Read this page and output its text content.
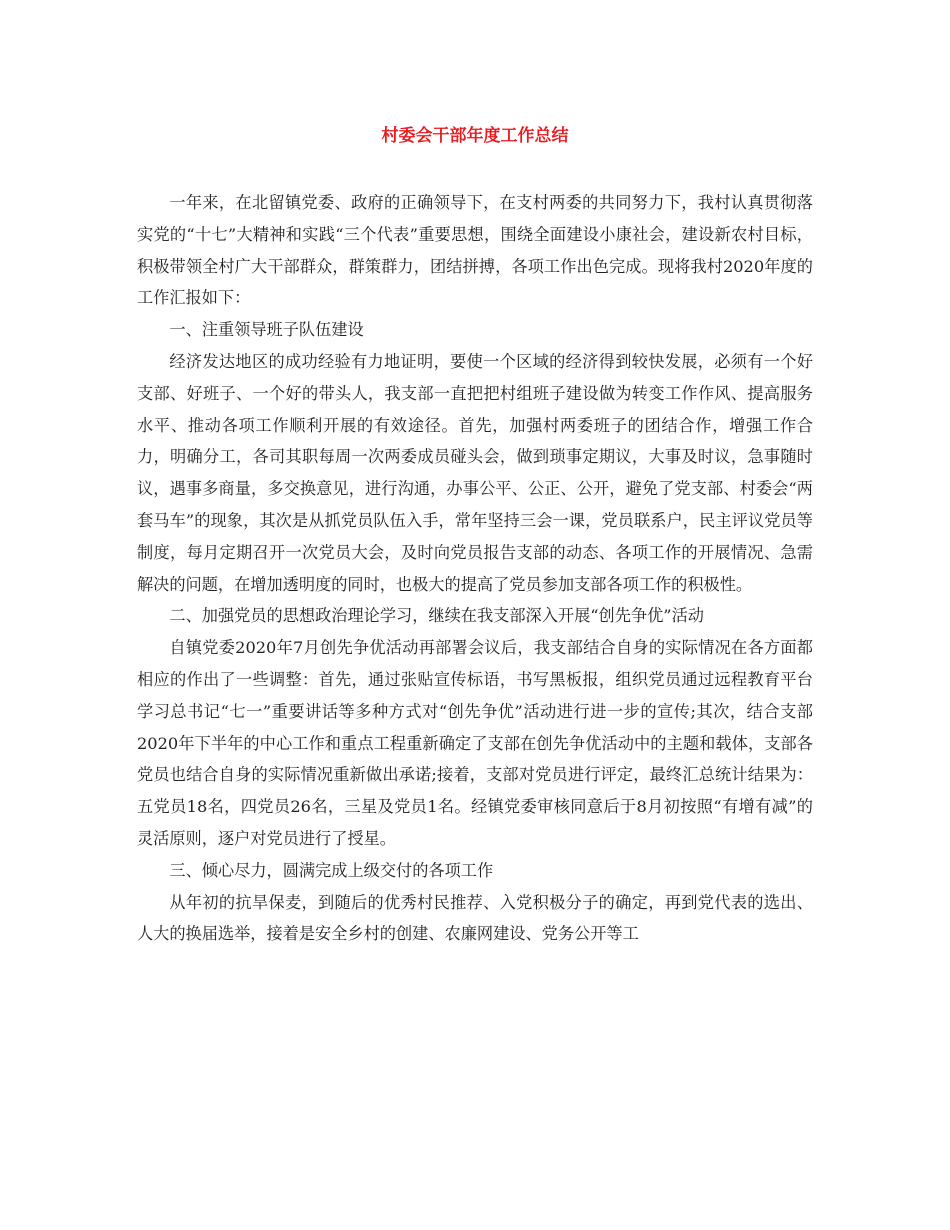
村委会干部年度工作总结

一年来，在北留镇党委、政府的正确领导下，在支村两委的共同努力下，我村认真贯彻落实党的“十七”大精神和实践“三个代表”重要思想，围绕全面建设小康社会，建设新农村目标，积极带领全村广大干部群众，群策群力，团结拼搏，各项工作出色完成。现将我村2020年度的工作汇报如下：

一、注重领导班子队伍建设

经济发达地区的成功经验有力地证明，要使一个区域的经济得到较快发展，必须有一个好支部、好班子、一个好的带头人，我支部一直把把村组班子建设做为转变工作作风、提高服务水平、推动各项工作顺利开展的有效途径。首先，加强村两委班子的团结合作，增强工作合力，明确分工，各司其职每周一次两委成员碰头会，做到琐事定期议，大事及时议，急事随时议，遇事多商量，多交换意见，进行沟通，办事公平、公正、公开，避免了党支部、村委会“两套马车”的现象，其次是从抓党员队伍入手，常年坚持三会一课，党员联系户，民主评议党员等制度，每月定期召开一次党员大会，及时向党员报告支部的动态、各项工作的开展情况、急需解决的问题，在增加透明度的同时，也极大的提高了党员参加支部各项工作的积极性。

二、加强党员的思想政治理论学习，继续在我支部深入开展“创先争优”活动

自镇党委2020年7月创先争优活动再部署会议后，我支部结合自身的实际情况在各方面都相应的作出了一些调整：首先，通过张贴宣传标语，书写黑板报，组织党员通过远程教育平台学习总书记“七一”重要讲话等多种方式对“创先争优”活动进行进一步的宣传;其次，结合支部2020年下半年的中心工作和重点工程重新确定了支部在创先争优活动中的主题和载体，支部各党员也结合自身的实际情况重新做出承诺;接着，支部对党员进行评定，最终汇总统计结果为：五党员18名，四党员26名，三星及党员1名。经镇党委审核同意后于8月初按照“有增有减”的灵活原则，逐户对党员进行了授星。

三、倾心尽力，圆满完成上级交付的各项工作

从年初的抗旱保麦，到随后的优秀村民推荐、入党积极分子的确定，再到党代表的选出、人大的换届选举，接着是安全乡村的创建、农廉网建设、党务公开等工
